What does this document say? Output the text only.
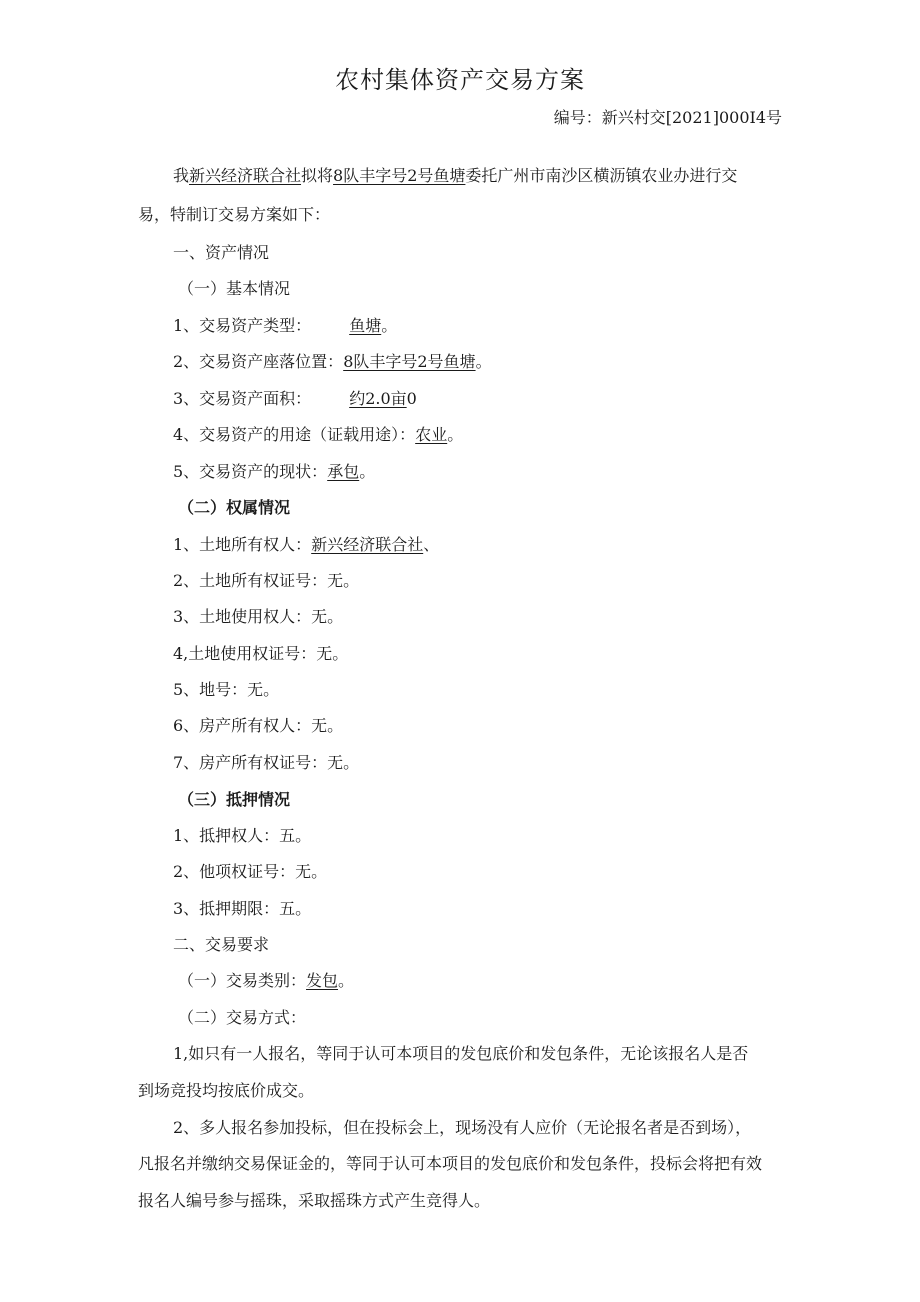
农村集体资产交易方案
编号：新兴村交[2021]000I4号
我新兴经济联合社拟将8队丰字号2号鱼塘委托广州市南沙区横沥镇农业办进行交
易，特制订交易方案如下：
一、资产情况
（一）基本情况
1、交易资产类型： 鱼塘。
2、交易资产座落位置：8队丰字号2号鱼塘。
3、交易资产面积： 约2.0亩0
4、交易资产的用途（证载用途）：农业。
5、交易资产的现状：承包。
（二）权属情况
1、土地所有权人：新兴经济联合社、
2、土地所有权证号：无。
3、土地使用权人：无。
4,土地使用权证号：无。
5、地号：无。
6、房产所有权人：无。
7、房产所有权证号：无。
（三）抵押情况
1、抵押权人：五。
2、他项权证号：无。
3、抵押期限：五。
二、交易要求
（一）交易类别：发包。
（二）交易方式：
1,如只有一人报名，等同于认可本项目的发包底价和发包条件，无论该报名人是否
到场竞投均按底价成交。
2、多人报名参加投标，但在投标会上，现场没有人应价（无论报名者是否到场），
凡报名并缴纳交易保证金的，等同于认可本项目的发包底价和发包条件，投标会将把有效
报名人编号参与摇珠，采取摇珠方式产生竞得人。
